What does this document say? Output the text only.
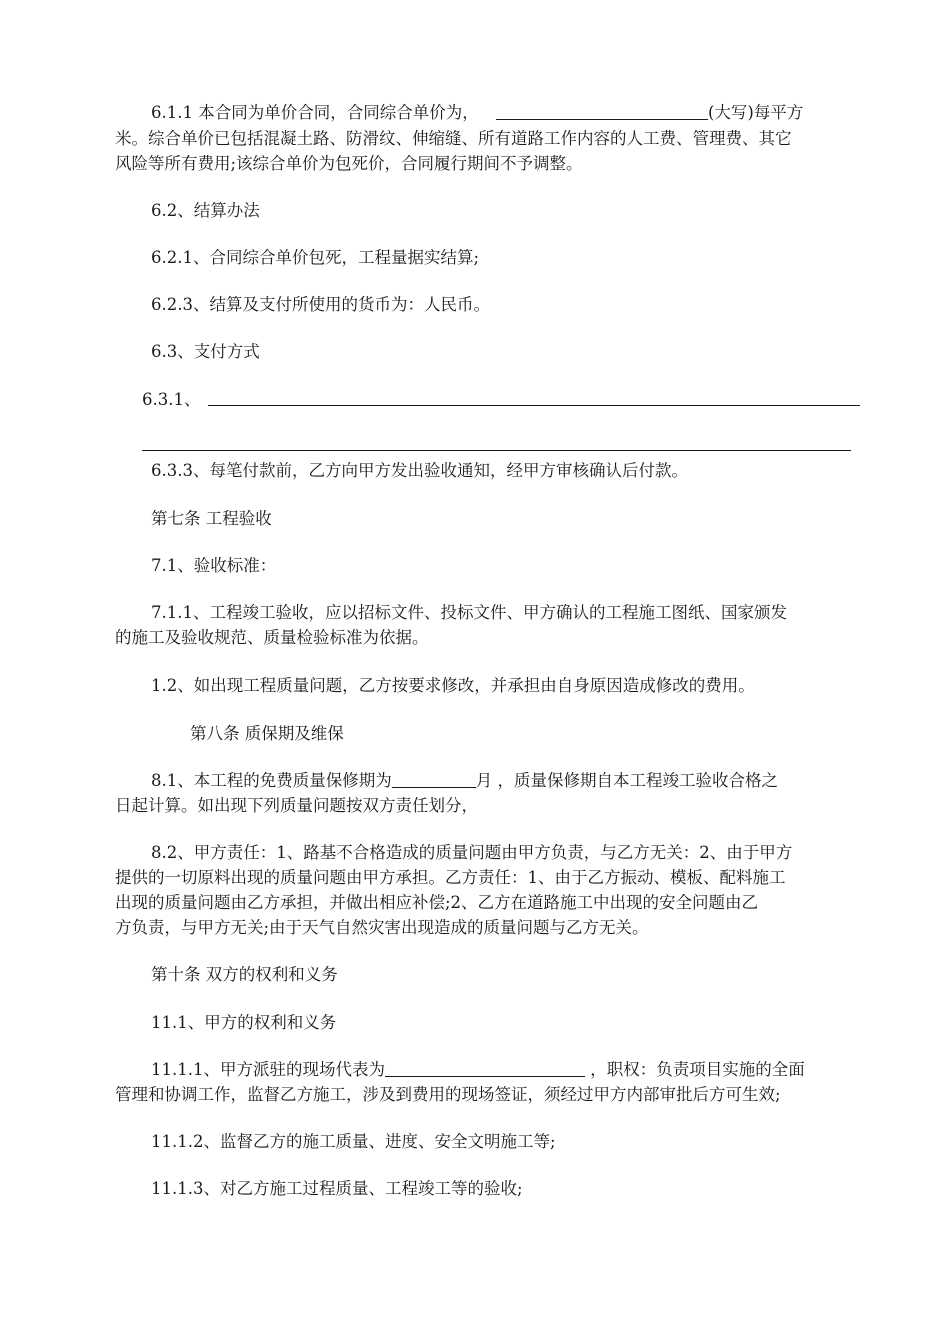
6.1.1 本合同为单价合同，合同综合单价为，	(大写)每平方
米。综合单价已包括混凝土路、防滑纹、伸缩缝、所有道路工作内容的人工费、管理费、其它
风险等所有费用;该综合单价为包死价，合同履行期间不予调整。
6.2、结算办法
6.2.1、合同综合单价包死，工程量据实结算;
6.2.3、结算及支付所使用的货币为：人民币。
6.3、支付方式
6.3.1、
6.3.3、每笔付款前，乙方向甲方发出验收通知，经甲方审核确认后付款。
第七条 工程验收
7.1、验收标准：
7.1.1、工程竣工验收，应以招标文件、投标文件、甲方确认的工程施工图纸、国家颁发
的施工及验收规范、质量检验标准为依据。
1.2、如出现工程质量问题，乙方按要求修改，并承担由自身原因造成修改的费用。
第八条 质保期及维保
8.1、本工程的免费质量保修期为	月 ，质量保修期自本工程竣工验收合格之
日起计算。如出现下列质量问题按双方责任划分，
8.2、甲方责任：1、路基不合格造成的质量问题由甲方负责，与乙方无关：2、由于甲方
提供的一切原料出现的质量问题由甲方承担。乙方责任：1、由于乙方振动、模板、配料施工
出现的质量问题由乙方承担，并做出相应补偿;2、乙方在道路施工中出现的安全问题由乙
方负责，与甲方无关;由于天气自然灾害出现造成的质量问题与乙方无关。
第十条 双方的权利和义务
11.1、甲方的权利和义务
11.1.1、甲方派驻的现场代表为	，职权：负责项目实施的全面
管理和协调工作，监督乙方施工，涉及到费用的现场签证，须经过甲方内部审批后方可生效;
11.1.2、监督乙方的施工质量、进度、安全文明施工等;
11.1.3、对乙方施工过程质量、工程竣工等的验收;
